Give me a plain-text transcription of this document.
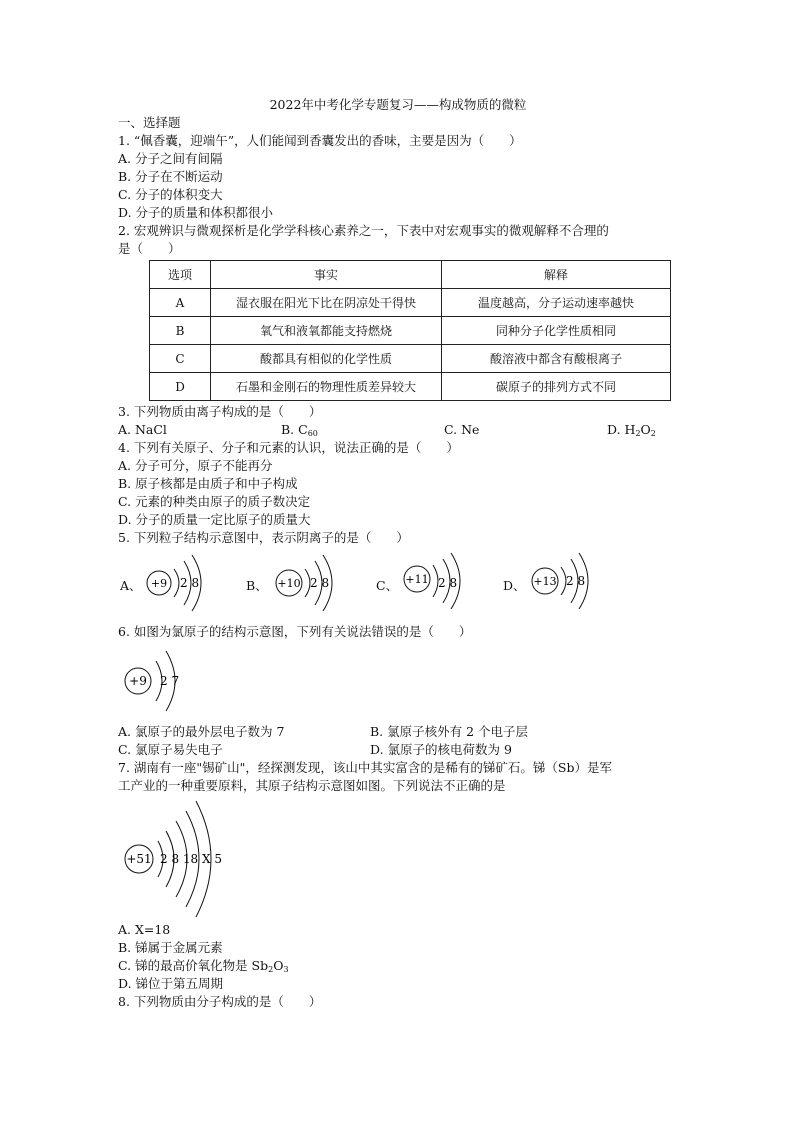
2022年中考化学专题复习——构成物质的微粒
一、选择题
1. “佩香囊，迎端午”，人们能闻到香囊发出的香味，主要是因为（　　）
A. 分子之间有间隔
B. 分子在不断运动
C. 分子的体积变大
D. 分子的质量和体积都很小
2. 宏观辨识与微观探析是化学学科核心素养之一，下表中对宏观事实的微观解释不合理的
是（　　）
选项	事实	解释
A	湿衣服在阳光下比在阴凉处干得快	温度越高，分子运动速率越快
B	氧气和液氧都能支持燃烧	同种分子化学性质相同
C	酸都具有相似的化学性质	酸溶液中都含有酸根离子
D	石墨和金刚石的物理性质差异较大	碳原子的排列方式不同
3. 下列物质由离子构成的是（　　）
A. NaCl	B. $C_{60}$	C. Ne	D. $H_2O_2$
4. 下列有关原子、分子和元素的认识，说法正确的是（　　）
A. 分子可分，原子不能再分
B. 原子核都是由质子和中子构成
C. 元素的种类由原子的质子数决定
D. 分子的质量一定比原子的质量大
5. 下列粒子结构示意图中，表示阴离子的是（　　）
A、 +9 2 8	B、 +10 2 8	C、 +11 2 8	D、 +13 2 8
6. 如图为氯原子的结构示意图，下列有关说法错误的是（　　）
+9 2 7
A. 氯原子的最外层电子数为 7	B. 氯原子核外有 2 个电子层
C. 氯原子易失电子	D. 氯原子的核电荷数为 9
7. 湖南有一座"锡矿山"，经探测发现，该山中其实富含的是稀有的锑矿石。锑（Sb）是军
工产业的一种重要原料，其原子结构示意图如图。下列说法不正确的是
+51 2 8 18 X 5
A. X=18
B. 锑属于金属元素
C. 锑的最高价氧化物是 $Sb_2O_3$
D. 锑位于第五周期
8. 下列物质由分子构成的是（　　）
